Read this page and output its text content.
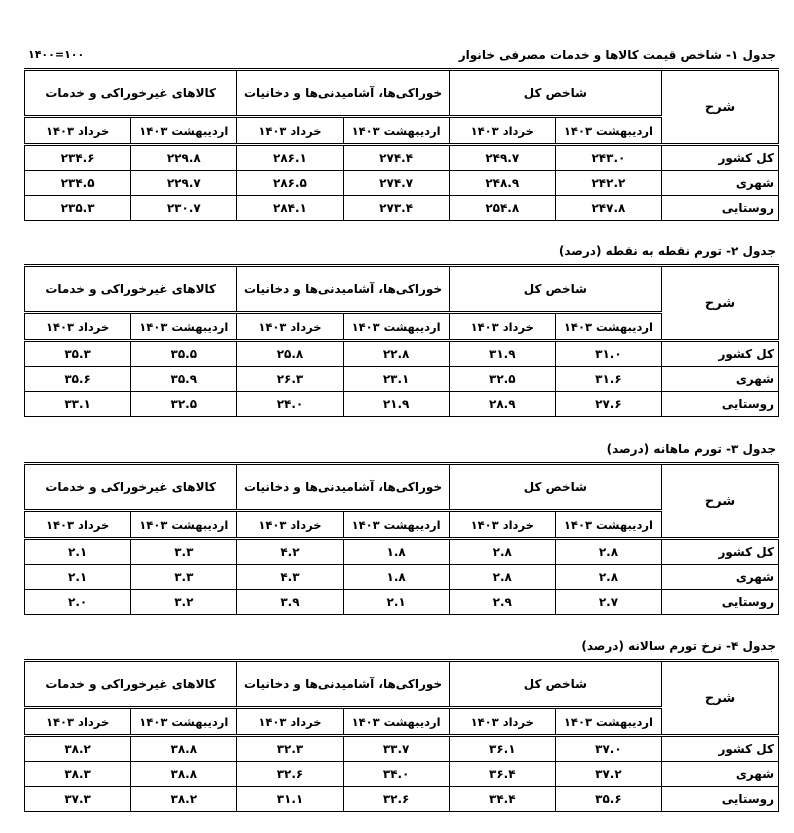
۱۴۰۰=۱۰۰	جدول ۱- شاخص قیمت کالاها و خدمات مصرفی خانوار
شرح	شاخص کل		خوراکی‌ها، آشامیدنی‌ها و دخانیات		کالاهای غیرخوراکی و خدمات	
	اردیبهشت ۱۴۰۳	خرداد ۱۴۰۳	اردیبهشت ۱۴۰۳	خرداد ۱۴۰۳	اردیبهشت ۱۴۰۳	خرداد ۱۴۰۳
کل کشور	۲۴۳.۰	۲۴۹.۷	۲۷۴.۴	۲۸۶.۱	۲۲۹.۸	۲۳۴.۶
شهری	۲۴۲.۲	۲۴۸.۹	۲۷۴.۷	۲۸۶.۵	۲۲۹.۷	۲۳۴.۵
روستایی	۲۴۷.۸	۲۵۴.۸	۲۷۳.۴	۲۸۴.۱	۲۳۰.۷	۲۳۵.۳
جدول ۲- تورم نقطه به نقطه (درصد)
شرح	شاخص کل		خوراکی‌ها، آشامیدنی‌ها و دخانیات		کالاهای غیرخوراکی و خدمات	
	اردیبهشت ۱۴۰۳	خرداد ۱۴۰۳	اردیبهشت ۱۴۰۳	خرداد ۱۴۰۳	اردیبهشت ۱۴۰۳	خرداد ۱۴۰۳
کل کشور	۳۱.۰	۳۱.۹	۲۲.۸	۲۵.۸	۳۵.۵	۳۵.۳
شهری	۳۱.۶	۳۲.۵	۲۳.۱	۲۶.۳	۳۵.۹	۳۵.۶
روستایی	۲۷.۶	۲۸.۹	۲۱.۹	۲۴.۰	۳۲.۵	۳۳.۱
جدول ۳- تورم ماهانه (درصد)
شرح	شاخص کل		خوراکی‌ها، آشامیدنی‌ها و دخانیات		کالاهای غیرخوراکی و خدمات	
	اردیبهشت ۱۴۰۳	خرداد ۱۴۰۳	اردیبهشت ۱۴۰۳	خرداد ۱۴۰۳	اردیبهشت ۱۴۰۳	خرداد ۱۴۰۳
کل کشور	۲.۸	۲.۸	۱.۸	۴.۲	۳.۳	۲.۱
شهری	۲.۸	۲.۸	۱.۸	۴.۳	۳.۳	۲.۱
روستایی	۲.۷	۲.۹	۲.۱	۳.۹	۳.۲	۲.۰
جدول ۴- نرخ تورم سالانه (درصد)
شرح	شاخص کل		خوراکی‌ها، آشامیدنی‌ها و دخانیات		کالاهای غیرخوراکی و خدمات	
	اردیبهشت ۱۴۰۳	خرداد ۱۴۰۳	اردیبهشت ۱۴۰۳	خرداد ۱۴۰۳	اردیبهشت ۱۴۰۳	خرداد ۱۴۰۳
کل کشور	۳۷.۰	۳۶.۱	۳۳.۷	۳۲.۳	۳۸.۸	۳۸.۲
شهری	۳۷.۲	۳۶.۴	۳۴.۰	۳۲.۶	۳۸.۸	۳۸.۳
روستایی	۳۵.۶	۳۴.۴	۳۲.۶	۳۱.۱	۳۸.۲	۳۷.۳
